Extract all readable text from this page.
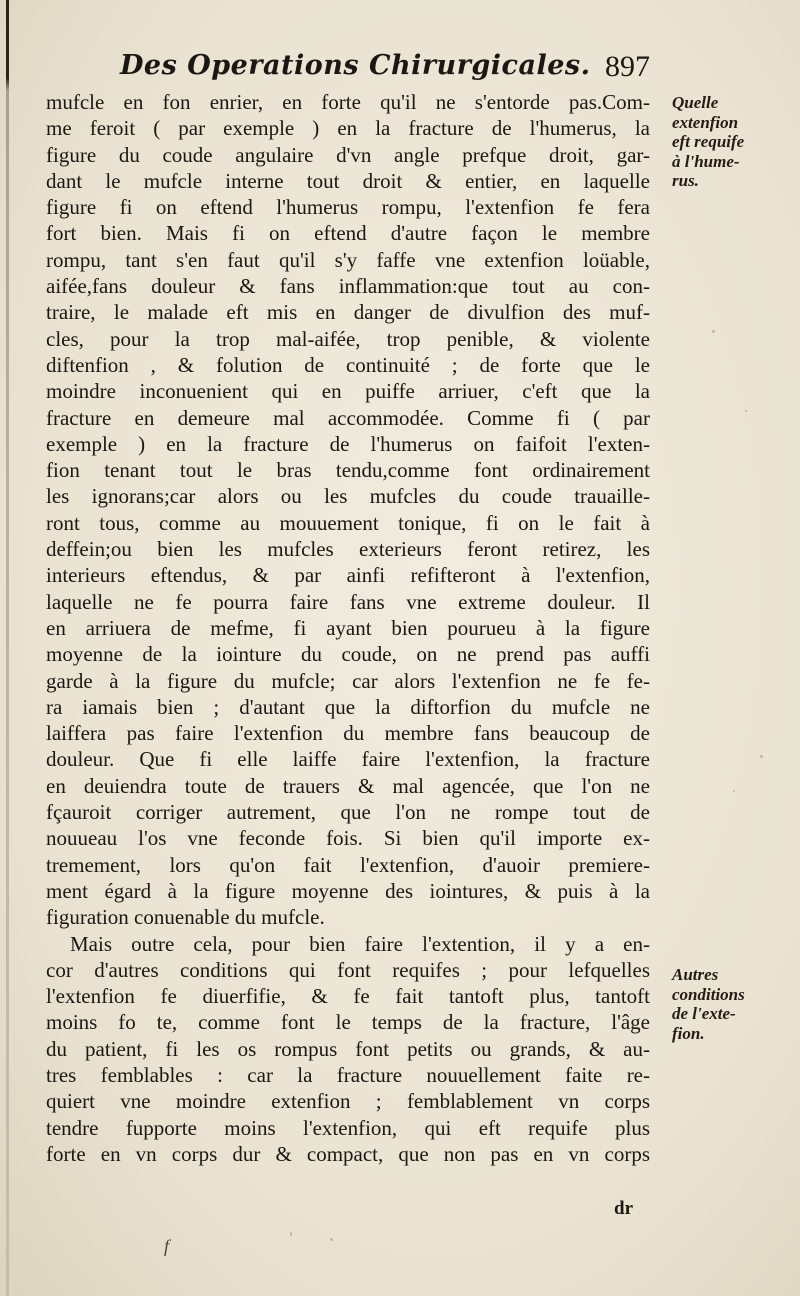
Des Operations Chirurgicales. 897
mufcle en fon enrier, en forte qu'il ne s'entorde pas.Com-
me feroit ( par exemple ) en la fracture de l'humerus, la
figure du coude angulaire d'vn angle prefque droit, gar-
dant le mufcle interne tout droit & entier, en laquelle
figure fi on eftend l'humerus rompu, l'extenfion fe fera
fort bien. Mais fi on eftend d'autre façon le membre
rompu, tant s'en faut qu'il s'y faffe vne extenfion loüable,
aifée,fans douleur & fans inflammation:que tout au con-
traire, le malade eft mis en danger de divulfion des muf-
cles, pour la trop mal-aifée, trop penible, & violente
diftenfion , & folution de continuité ; de forte que le
moindre inconuenient qui en puiffe arriuer, c'eft que la
fracture en demeure mal accommodée. Comme fi ( par
exemple ) en la fracture de l'humerus on faifoit l'exten-
fion tenant tout le bras tendu,comme font ordinairement
les ignorans;car alors ou les mufcles du coude trauaille-
ront tous, comme au mouuement tonique, fi on le fait à
deffein;ou bien les mufcles exterieurs feront retirez, les
interieurs eftendus, & par ainfi refifteront à l'extenfion,
laquelle ne fe pourra faire fans vne extreme douleur. Il
en arriuera de mefme, fi ayant bien pourueu à la figure
moyenne de la iointure du coude, on ne prend pas auffi
garde à la figure du mufcle; car alors l'extenfion ne fe fe-
ra iamais bien ; d'autant que la diftorfion du mufcle ne
laiffera pas faire l'extenfion du membre fans beaucoup de
douleur. Que fi elle laiffe faire l'extenfion, la fracture
en deuiendra toute de trauers & mal agencée, que l'on ne
fçauroit corriger autrement, que l'on ne rompe tout de
nouueau l'os vne feconde fois. Si bien qu'il importe ex-
tremement, lors qu'on fait l'extenfion, d'auoir premiere-
ment égard à la figure moyenne des iointures, & puis à la
figuration conuenable du mufcle.
Mais outre cela, pour bien faire l'extention, il y a en-
cor d'autres conditions qui font requifes ; pour lefquelles
l'extenfion fe diuerfifie, & fe fait tantoft plus, tantoft
moins fo te, comme font le temps de la fracture, l'âge
du patient, fi les os rompus font petits ou grands, & au-
tres femblables : car la fracture nouuellement faite re-
quiert vne moindre extenfion ; femblablement vn corps
tendre fupporte moins l'extenfion, qui eft requife plus
forte en vn corps dur & compact, que non pas en vn corps
Quelle
extenfion
eft requife
à l'hume-
rus.
Autres
conditions
de l'exte-
fion.
dr
f
